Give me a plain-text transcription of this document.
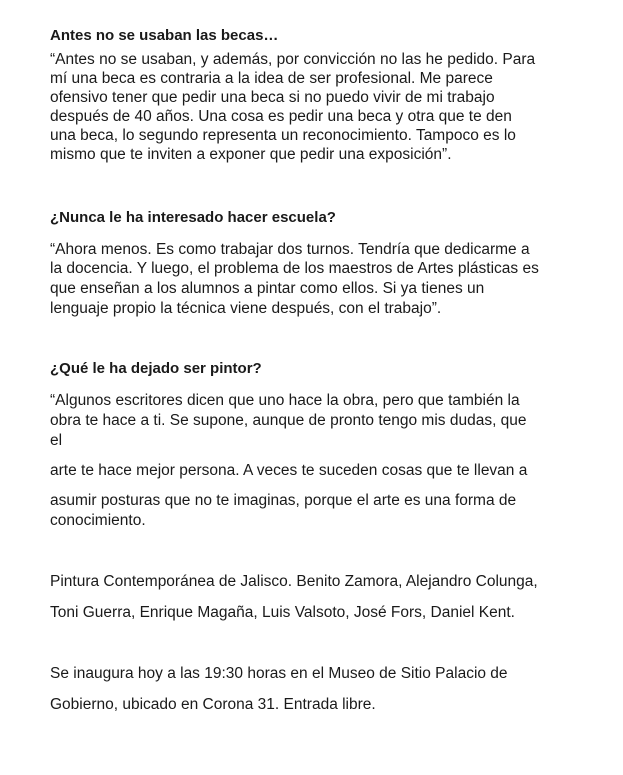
Antes no se usaban las becas…
“Antes no se usaban, y además, por convicción no las he pedido. Para
mí una beca es contraria a la idea de ser profesional. Me parece
ofensivo tener que pedir una beca si no puedo vivir de mi trabajo
después de 40 años. Una cosa es pedir una beca y otra que te den
una beca, lo segundo representa un reconocimiento. Tampoco es lo
mismo que te inviten a exponer que pedir una exposición”.
¿Nunca le ha interesado hacer escuela?
“Ahora menos. Es como trabajar dos turnos. Tendría que dedicarme a
la docencia. Y luego, el problema de los maestros de Artes plásticas es
que enseñan a los alumnos a pintar como ellos. Si ya tienes un
lenguaje propio la técnica viene después, con el trabajo”.
¿Qué le ha dejado ser pintor?
“Algunos escritores dicen que uno hace la obra, pero que también la
obra te hace a ti. Se supone, aunque de pronto tengo mis dudas, que
el
arte te hace mejor persona. A veces te suceden cosas que te llevan a
asumir posturas que no te imaginas, porque el arte es una forma de
conocimiento.
Pintura Contemporánea de Jalisco. Benito Zamora, Alejandro Colunga,
Toni Guerra, Enrique Magaña, Luis Valsoto, José Fors, Daniel Kent.
Se inaugura hoy a las 19:30 horas en el Museo de Sitio Palacio de
Gobierno, ubicado en Corona 31. Entrada libre.
